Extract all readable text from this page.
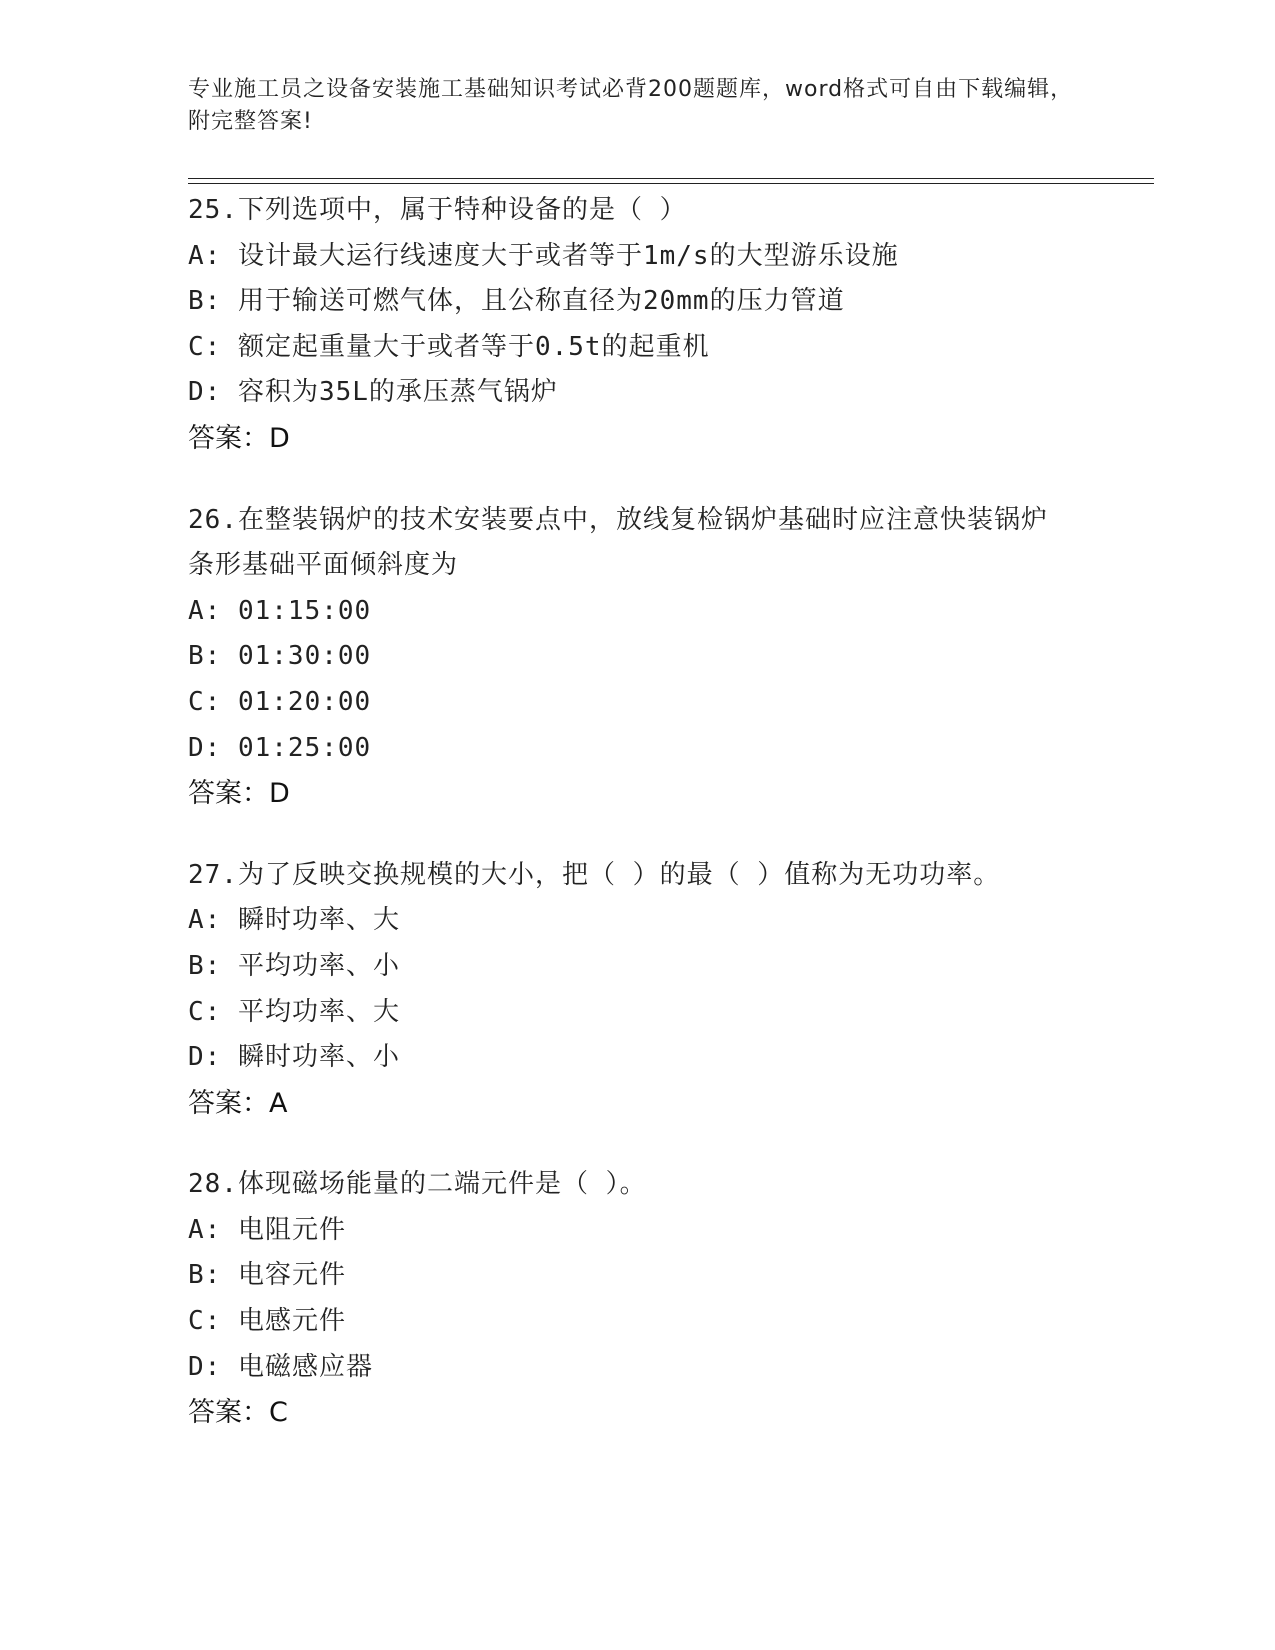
专业施工员之设备安装施工基础知识考试必背200题题库，word格式可自由下载编辑，附完整答案!
25.下列选项中，属于特种设备的是（ ）
A: 设计最大运行线速度大于或者等于1m/s的大型游乐设施
B: 用于输送可燃气体，且公称直径为20mm的压力管道
C: 额定起重量大于或者等于0.5t的起重机
D: 容积为35L的承压蒸气锅炉
答案：D
26.在整装锅炉的技术安装要点中，放线复检锅炉基础时应注意快装锅炉条形基础平面倾斜度为
A: 01:15:00
B: 01:30:00
C: 01:20:00
D: 01:25:00
答案：D
27.为了反映交换规模的大小，把（ ）的最（ ）值称为无功功率。
A: 瞬时功率、大
B: 平均功率、小
C: 平均功率、大
D: 瞬时功率、小
答案：A
28.体现磁场能量的二端元件是（ ）。
A: 电阻元件
B: 电容元件
C: 电感元件
D: 电磁感应器
答案：C
